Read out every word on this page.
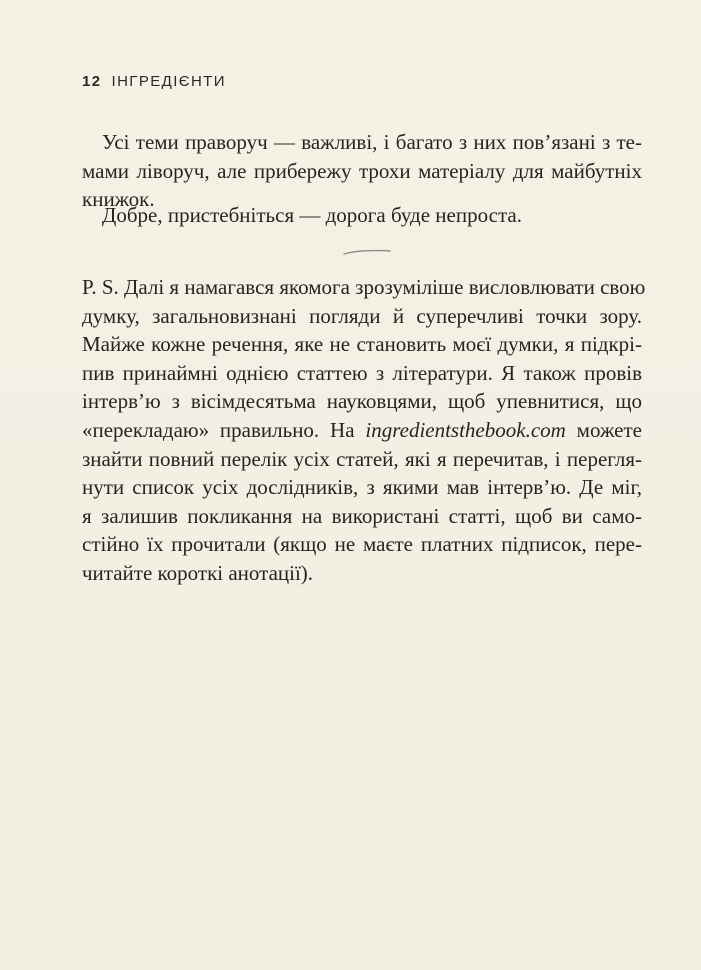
12 ІНГРЕДІЄНТИ
Усі теми праворуч — важливі, і багато з них пов’язані з те-
мами ліворуч, але прибережу трохи матеріалу для майбутніх
книжок.
Добре, пристебніться — дорога буде непроста.
P. S. Далі я намагався якомога зрозуміліше висловлювати свою
думку, загальновизнані погляди й суперечливі точки зору.
Майже кожне речення, яке не становить моєї думки, я підкрі-
пив принаймні однією статтею з літератури. Я також провів
інтерв’ю з вісімдесятьма науковцями, щоб упевнитися, що
«перекладаю» правильно. На ingredientsthebook.com можете
знайти повний перелік усіх статей, які я перечитав, і перегля-
нути список усіх дослідників, з якими мав інтерв’ю. Де міг,
я залишив покликання на використані статті, щоб ви само-
стійно їх прочитали (якщо не маєте платних підписок, пере-
читайте короткі анотації).
